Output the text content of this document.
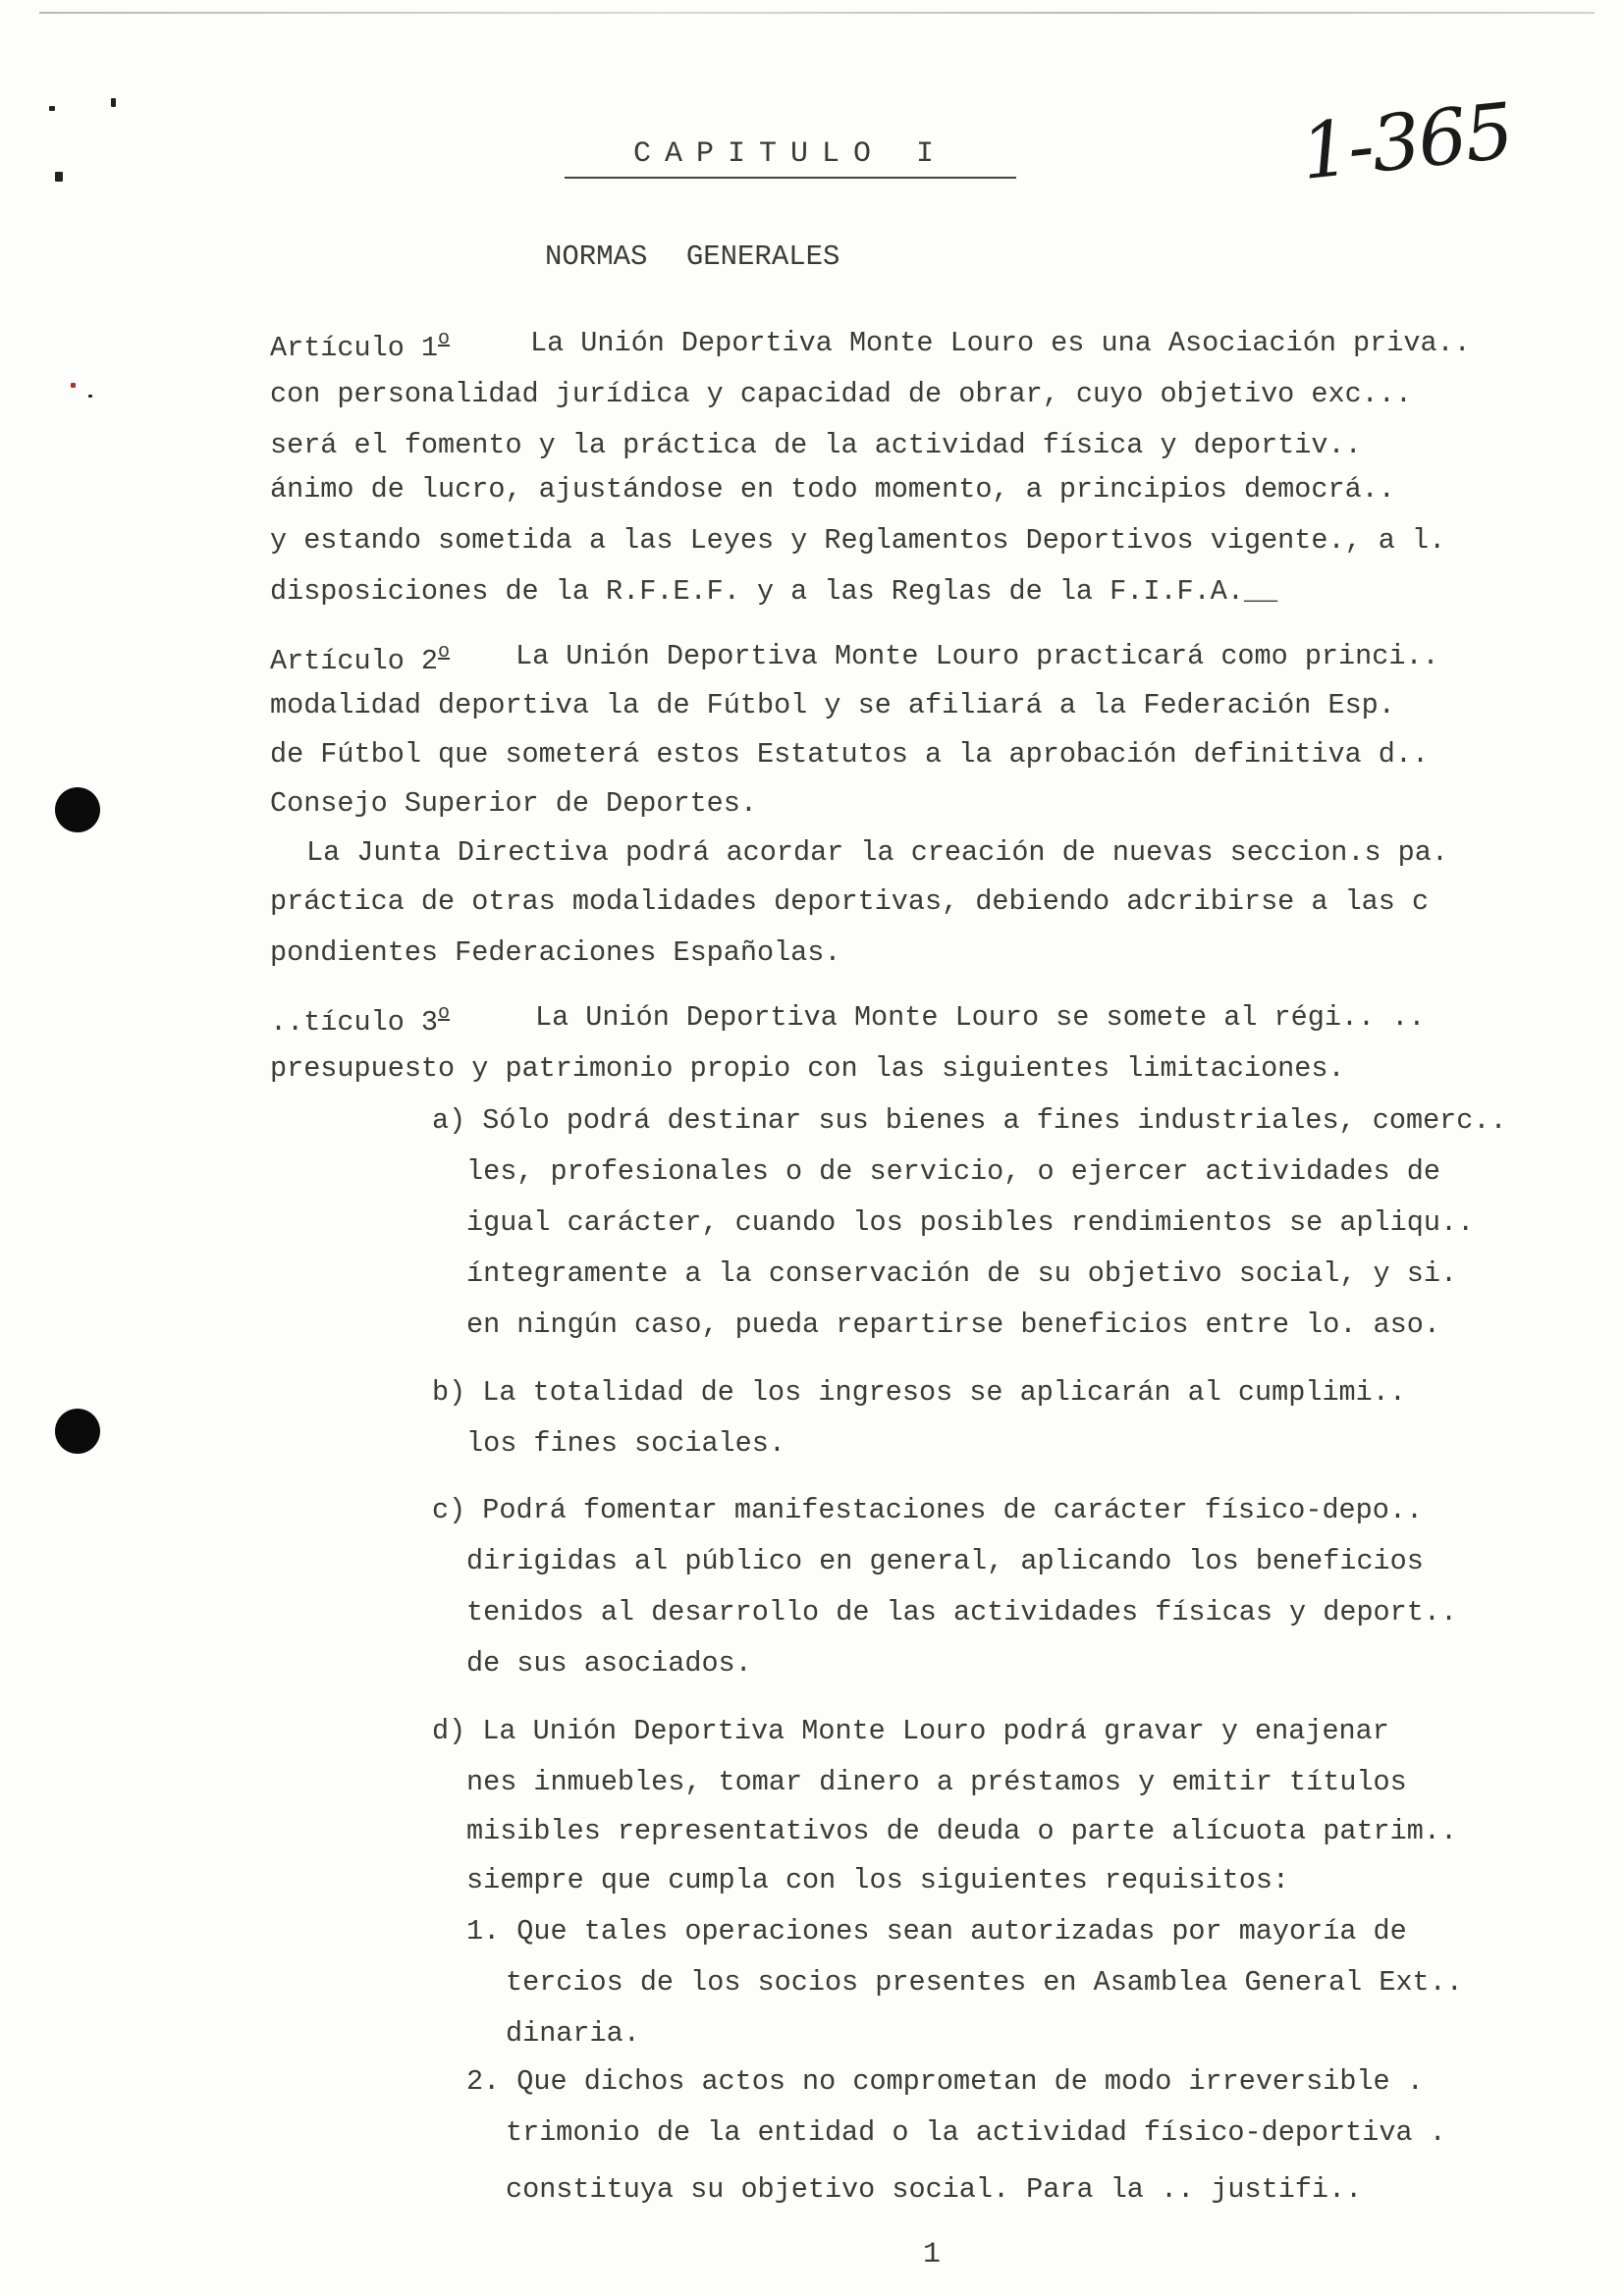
CAPITULO I	1-365
NORMAS GENERALES
Artículo 1$^o$	La Unión Deportiva Monte Louro es una Asociación priva..
con personalidad jurídica y capacidad de obrar, cuyo objetivo exc...
será el fomento y la práctica de la actividad física y deportiv..
ánimo de lucro, ajustándose en todo momento, a principios democrá..
y estando sometida a las Leyes y Reglamentos Deportivos vigente., a l.
disposiciones de la R.F.E.F. y a las Reglas de la F.I.F.A.__
Artículo 2$^o$ La Unión Deportiva Monte Louro practicará como princi..
modalidad deportiva la de Fútbol y se afiliará a la Federación Esp.
de Fútbol que someterá estos Estatutos a la aprobación definitiva d..
Consejo Superior de Deportes.
La Junta Directiva podrá acordar la creación de nuevas seccion.s pa.
práctica de otras modalidades deportivas, debiendo adcribirse a las c
pondientes Federaciones Españolas.
..tículo 3$^o$	La Unión Deportiva Monte Louro se somete al régi.. ..
presupuesto y patrimonio propio con las siguientes limitaciones.
a) Sólo podrá destinar sus bienes a fines industriales, comerc..
les, profesionales o de servicio, o ejercer actividades de
igual carácter, cuando los posibles rendimientos se apliqu..
íntegramente a la conservación de su objetivo social, y si.
en ningún caso, pueda repartirse beneficios entre lo. aso.
b) La totalidad de los ingresos se aplicarán al cumplimi..
los fines sociales.
c) Podrá fomentar manifestaciones de carácter físico-depo..
dirigidas al público en general, aplicando los beneficios
tenidos al desarrollo de las actividades físicas y deport..
de sus asociados.
d) La Unión Deportiva Monte Louro podrá gravar y enajenar
nes inmuebles, tomar dinero a préstamos y emitir títulos
misibles representativos de deuda o parte alícuota patrim..
siempre que cumpla con los siguientes requisitos:
1. Que tales operaciones sean autorizadas por mayoría de
tercios de los socios presentes en Asamblea General Ext..
dinaria.
2. Que dichos actos no comprometan de modo irreversible .
trimonio de la entidad o la actividad físico-deportiva .
constituya su objetivo social. Para la .. justifi..
1
